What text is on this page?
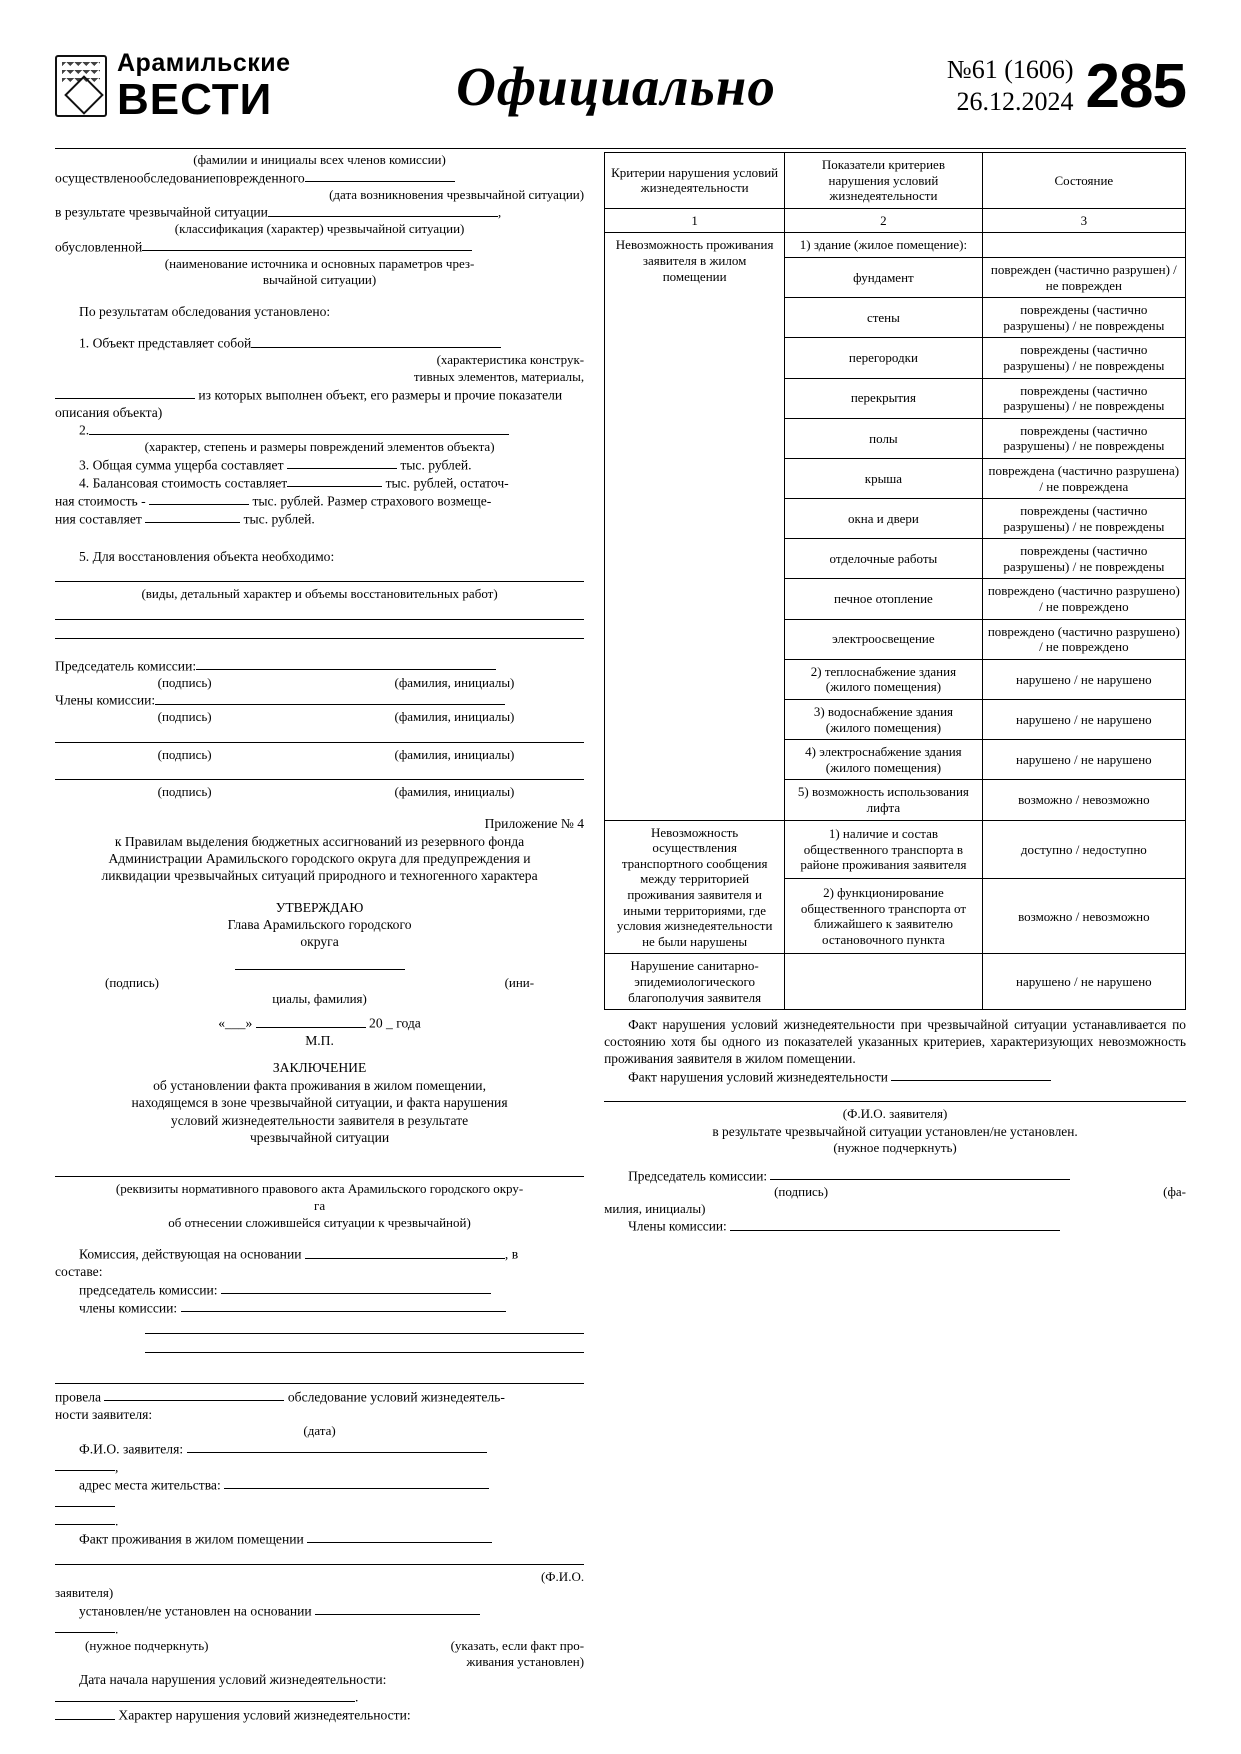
Арамильские
ВЕСТИ	Официально	№61 (1606)
26.12.2024 285

(фамилии и инициалы всех членов комиссии)

осуществленообследованиеповрежденного

(дата возникновения чрезвычайной ситуации)

в результате чрезвычайной ситуации	,

(классификация (характер) чрезвычайной ситуации)

обусловленной

(наименование источника и основных параметров чрез-

вычайной ситуации)

По результатам обследования установлено:

1. Объект представляет собой

(характеристика конструк-

тивных элементов, материалы,

из которых выполнен объект, его размеры и прочие показатели

описания объекта)

2.

(характер, степень и размеры повреждений элементов объекта)

3. Общая сумма ущерба составляет	тыс. рублей.

4. Балансовая стоимость составляет	тыс. рублей, остаточ-

ная стоимость -	тыс. рублей. Размер страхового возмеще-

ния составляет	тыс. рублей.

5. Для восстановления объекта необходимо:

(виды, детальный характер и объемы восстановительных работ)

Председатель комиссии:

(подпись)	(фамилия, инициалы)

Члены комиссии:

(подпись)	(фамилия, инициалы)
(подпись)	(фамилия, инициалы)
(подпись)	(фамилия, инициалы)

Приложение № 4

к Правилам выделения бюджетных ассигнований из резервного фонда

Администрации Арамильского городского округа для предупреждения и

ликвидации чрезвычайных ситуаций природного и техногенного характера

УТВЕРЖДАЮ

Глава Арамильского городского

округа

(подпись)	(ини-

циалы, фамилия)

«___»	20 _ года

М.П.

ЗАКЛЮЧЕНИЕ

об установлении факта проживания в жилом помещении,

находящемся в зоне чрезвычайной ситуации, и факта нарушения

условий жизнедеятельности заявителя в результате

чрезвычайной ситуации

(реквизиты нормативного правового акта Арамильского городского окру-

га

об отнесении сложившейся ситуации к чрезвычайной)

Комиссия, действующая на основании	, в

составе:

председатель комиссии:

члены комиссии:

провела	обследование условий жизнедеятель-

ности заявителя:

(дата)

Ф.И.О. заявителя:

,

адрес места жительства:

.

Факт проживания в жилом помещении

(Ф.И.О.

заявителя)

установлен/не установлен на основании

.

(нужное подчеркнуть)	(указать, если факт про-

живания установлен)

Дата начала нарушения условий жизнедеятельности:

.

Характер нарушения условий жизнедеятельности:

Критерии нарушения условий жизнедеятельности	Показатели критериев нарушения условий жизнедеятельности	Состояние
1	2	3
Невозможность проживания заявителя в жилом помещении	1) здание (жилое помещение):	
	фундамент	поврежден (частично разрушен) / не поврежден
	стены	повреждены (частично разрушены) / не повреждены
	перегородки	повреждены (частично разрушены) / не повреждены
	перекрытия	повреждены (частично разрушены) / не повреждены
	полы	повреждены (частично разрушены) / не повреждены
	крыша	повреждена (частично разрушена) / не повреждена
	окна и двери	повреждены (частично разрушены) / не повреждены
	отделочные работы	повреждены (частично разрушены) / не повреждены
	печное отопление	повреждено (частично разрушено) / не повреждено
	электроосвещение	повреждено (частично разрушено) / не повреждено
	2) теплоснабжение здания (жилого помещения)	нарушено / не нарушено
	3) водоснабжение здания (жилого помещения)	нарушено / не нарушено
	4) электроснабжение здания (жилого помещения)	нарушено / не нарушено
	5) возможность использования лифта	возможно / невозможно
Невозможность осуществления транспортного сообщения между территорией проживания заявителя и иными территориями, где условия жизнедеятельности не были нарушены	1) наличие и состав общественного транспорта в районе проживания заявителя	доступно / недоступно
	2) функционирование общественного транспорта от ближайшего к заявителю остановочного пункта	возможно / невозможно
Нарушение санитарно-эпидемиологического благополучия заявителя		нарушено / не нарушено

Факт нарушения условий жизнедеятельности при чрезвычайной ситуации устанавливается по состоянию хотя бы одного из показателей указанных критериев, характеризующих невозможность проживания заявителя в жилом помещении.

Факт нарушения условий жизнедеятельности

(Ф.И.О. заявителя)

в результате чрезвычайной ситуации установлен/не установлен.

(нужное подчеркнуть)

Председатель комиссии:

(подпись)	(фа-

милия, инициалы)

Члены комиссии:
